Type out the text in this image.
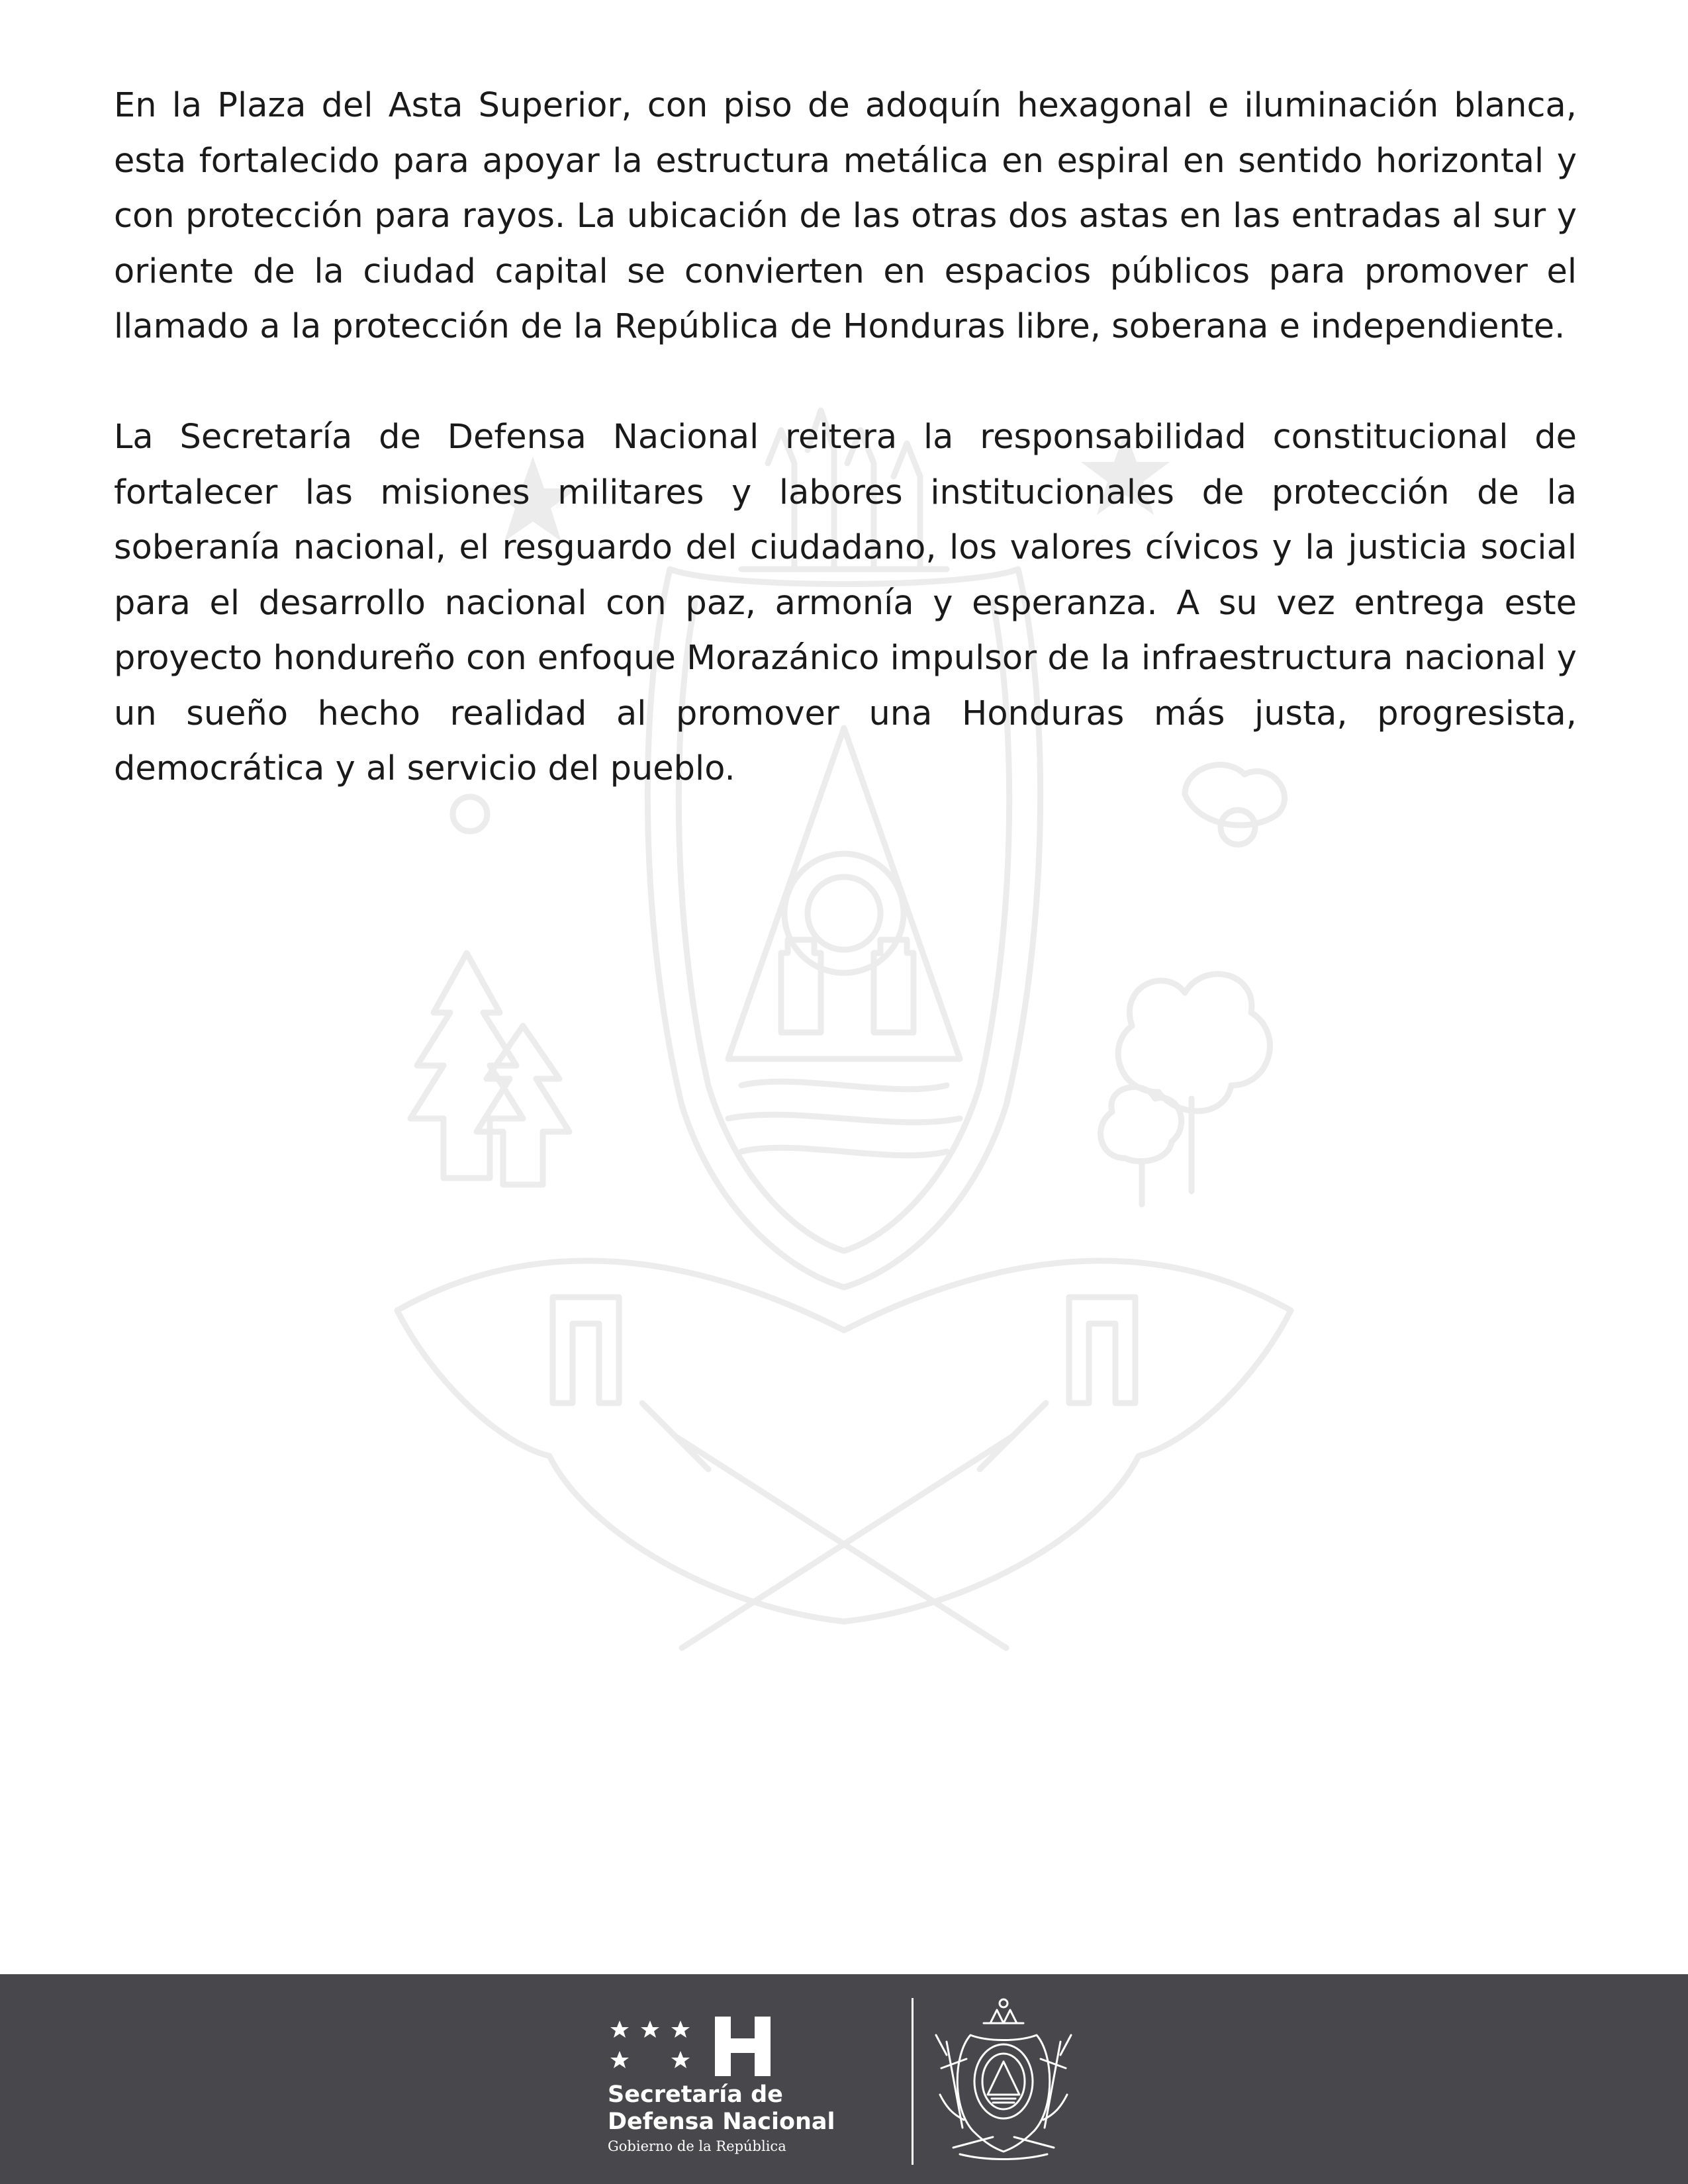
En la Plaza del Asta Superior, con piso de adoquín hexagonal e iluminación blanca, esta fortalecido para apoyar la estructura metálica en espiral en sentido horizontal y con protección para rayos. La ubicación de las otras dos astas en las entradas al sur y oriente de la ciudad capital se convierten en espacios públicos para promover el llamado a la protección de la República de Honduras libre, soberana e independiente.

La Secretaría de Defensa Nacional reitera la responsabilidad constitucional de fortalecer las misiones militares y labores institucionales de protección de la soberanía nacional, el resguardo del ciudadano, los valores cívicos y la justicia social para el desarrollo nacional con paz, armonía y esperanza. A su vez entrega este proyecto hondureño con enfoque Morazánico impulsor de la infraestructura nacional y un sueño hecho realidad al promover una Honduras más justa, progresista, democrática y al servicio del pueblo.

Secretaría de
Defensa Nacional
Gobierno de la República
